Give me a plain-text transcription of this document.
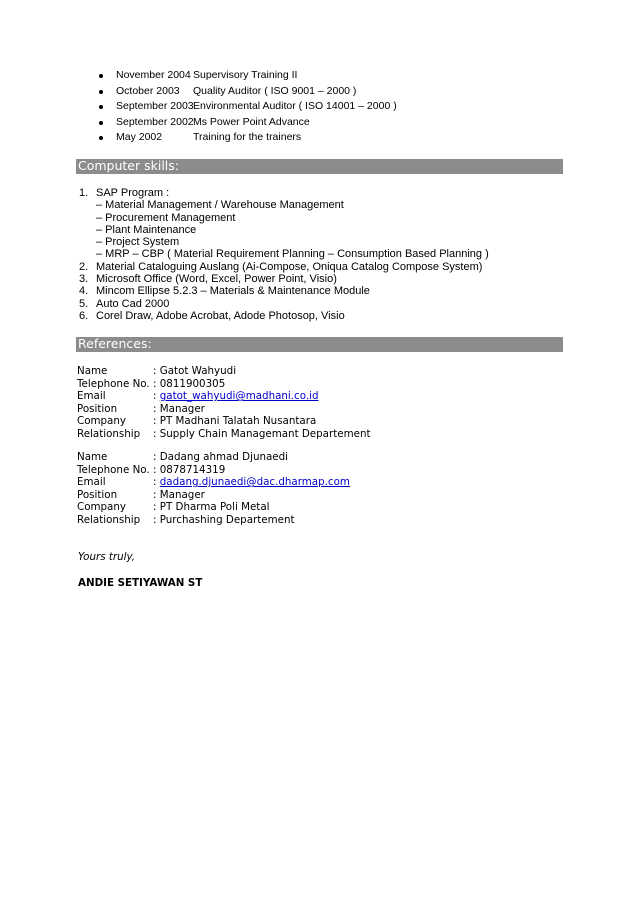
November 2004 Supervisory Training II
October 2003 Quality Auditor ( ISO 9001 – 2000 )
September 2003 Environmental Auditor ( ISO 14001 – 2000 )
September 2002 Ms Power Point Advance
May 2002	Training for the trainers
Computer skills:
1. SAP Program :
– Material Management / Warehouse Management
– Procurement Management
– Plant Maintenance
– Project System
– MRP – CBP ( Material Requirement Planning – Consumption Based Planning )
2. Material Cataloguing Auslang (Ai-Compose, Oniqua Catalog Compose System)
3. Microsoft Office (Word, Excel, Power Point, Visio)
4. Mincom Ellipse 5.2.3 – Materials & Maintenance Module
5. Auto Cad 2000
6. Corel Draw, Adobe Acrobat, Adode Photosop, Visio
References:
Name	: Gatot Wahyudi
Telephone No. : 0811900305
Email	: gatot_wahyudi@madhani.co.id
Position	: Manager
Company	: PT Madhani Talatah Nusantara
Relationship : Supply Chain Managemant Departement
Name	: Dadang ahmad Djunaedi
Telephone No. : 0878714319
Email	: dadang.djunaedi@dac.dharmap.com
Position	: Manager
Company	: PT Dharma Poli Metal
Relationship : Purchashing Departement
Yours truly,
ANDIE SETIYAWAN ST
